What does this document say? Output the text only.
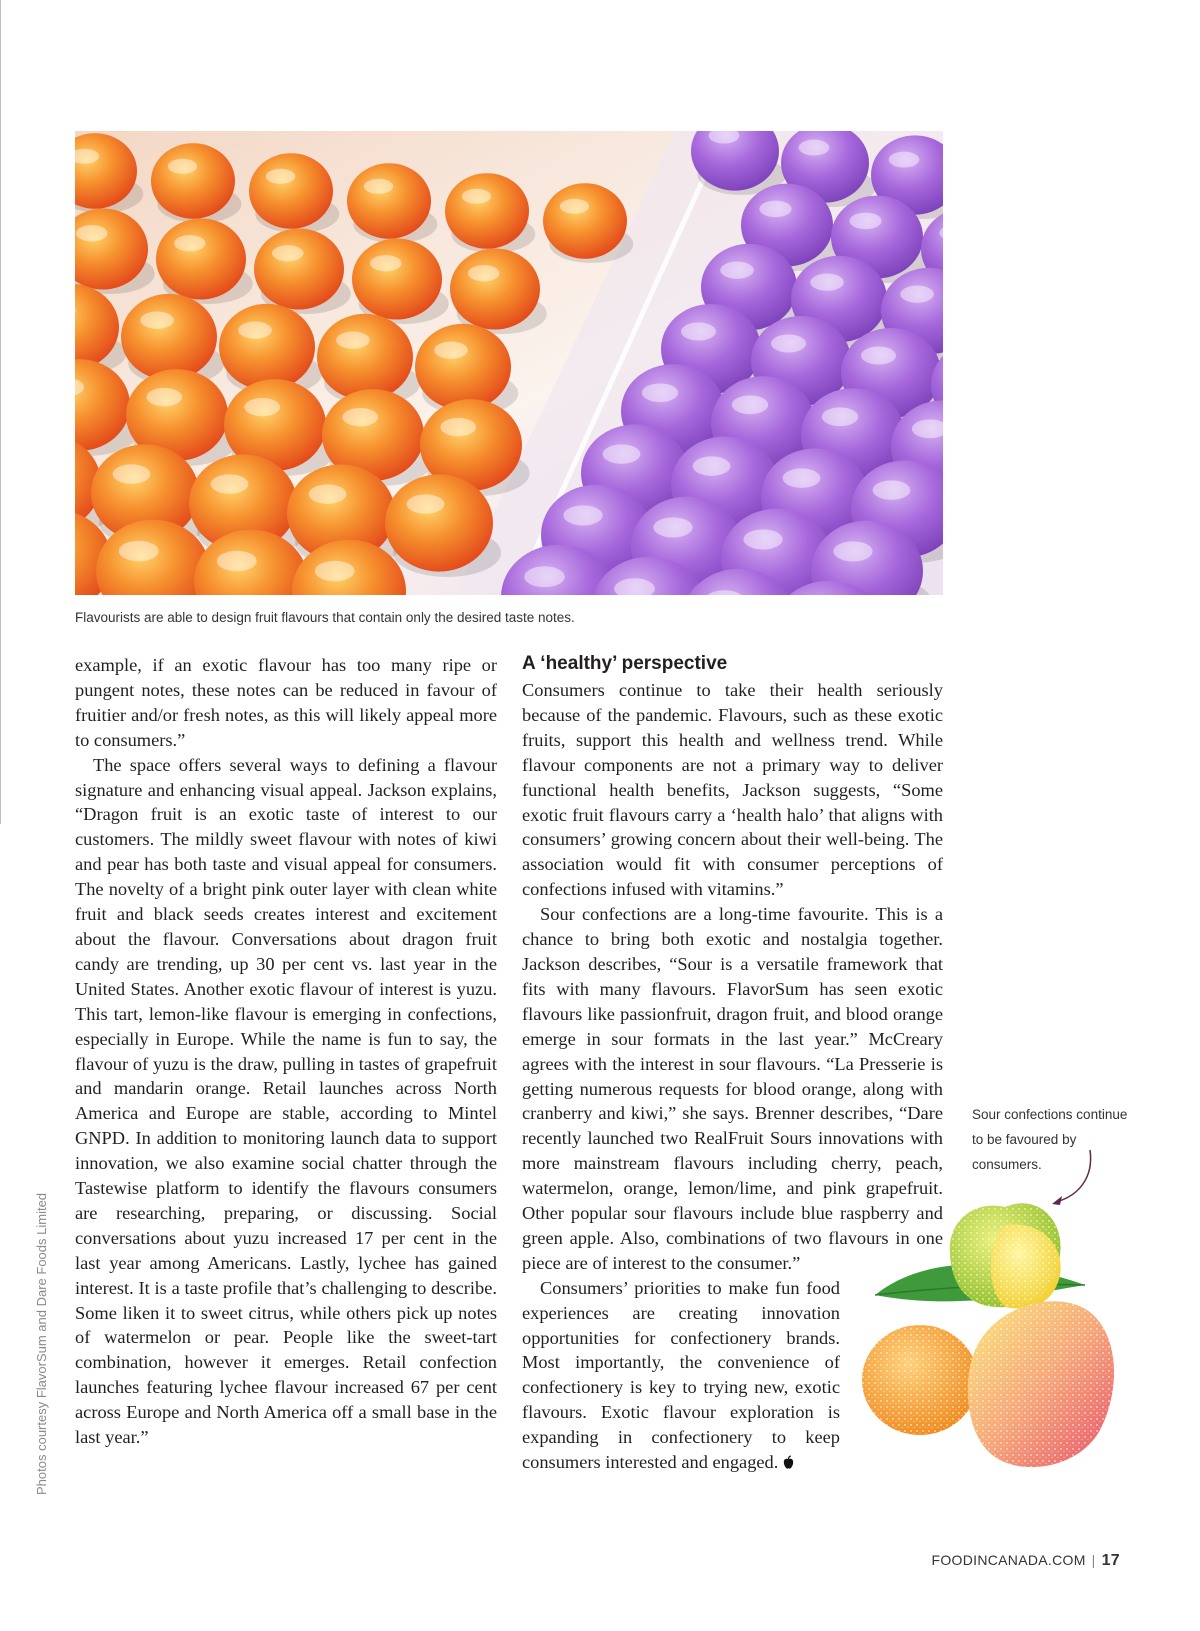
Flavourists are able to design fruit flavours that contain only the desired taste notes.

example, if an exotic flavour has too many ripe or pungent notes, these notes can be reduced in favour of fruitier and/or fresh notes, as this will likely appeal more to consumers.”

The space offers several ways to defining a flavour signature and enhancing visual appeal. Jackson explains, “Dragon fruit is an exotic taste of interest to our customers. The mildly sweet flavour with notes of kiwi and pear has both taste and visual appeal for consumers. The novelty of a bright pink outer layer with clean white fruit and black seeds creates interest and excitement about the flavour. Conversations about dragon fruit candy are trending, up 30 per cent vs. last year in the United States. Another exotic flavour of interest is yuzu. This tart, lemon-like flavour is emerging in confections, especially in Europe. While the name is fun to say, the flavour of yuzu is the draw, pulling in tastes of grapefruit and mandarin orange. Retail launches across North America and Europe are stable, according to Mintel GNPD. In addition to monitoring launch data to support innovation, we also examine social chatter through the Tastewise platform to identify the flavours consumers are researching, preparing, or discussing. Social conversations about yuzu increased 17 per cent in the last year among Americans. Lastly, lychee has gained interest. It is a taste profile that’s challenging to describe. Some liken it to sweet citrus, while others pick up notes of watermelon or pear. People like the sweet-tart combination, however it emerges. Retail confection launches featuring lychee flavour increased 67 per cent across Europe and North America off a small base in the last year.”

A ‘healthy’ perspective

Consumers continue to take their health seriously because of the pandemic. Flavours, such as these exotic fruits, support this health and wellness trend. While flavour components are not a primary way to deliver functional health benefits, Jackson suggests, “Some exotic fruit flavours carry a ‘health halo’ that aligns with consumers’ growing concern about their well-being. The association would fit with consumer perceptions of confections infused with vitamins.”

Sour confections are a long-time favourite. This is a chance to bring both exotic and nostalgia together. Jackson describes, “Sour is a versatile framework that fits with many flavours. FlavorSum has seen exotic flavours like passionfruit, dragon fruit, and blood orange emerge in sour formats in the last year.” McCreary agrees with the interest in sour flavours. “La Presserie is getting numerous requests for blood orange, along with cranberry and kiwi,” she says. Brenner describes, “Dare recently launched two RealFruit Sours innovations with more mainstream flavours including cherry, peach, watermelon, orange, lemon/lime, and pink grapefruit. Other popular sour flavours include blue raspberry and green apple. Also, combinations of two flavours in one piece are of interest to the consumer.”

Consumers’ priorities to make fun food experiences are creating innovation opportunities for confectionery brands. Most importantly, the convenience of confectionery is key to trying new, exotic flavours. Exotic flavour exploration is expanding in confectionery to keep consumers interested and engaged.

Sour confections continue to be favoured by consumers.
Photos courtesy FlavorSum and Dare Foods Limited
FOODINCANADA.COM | 17
